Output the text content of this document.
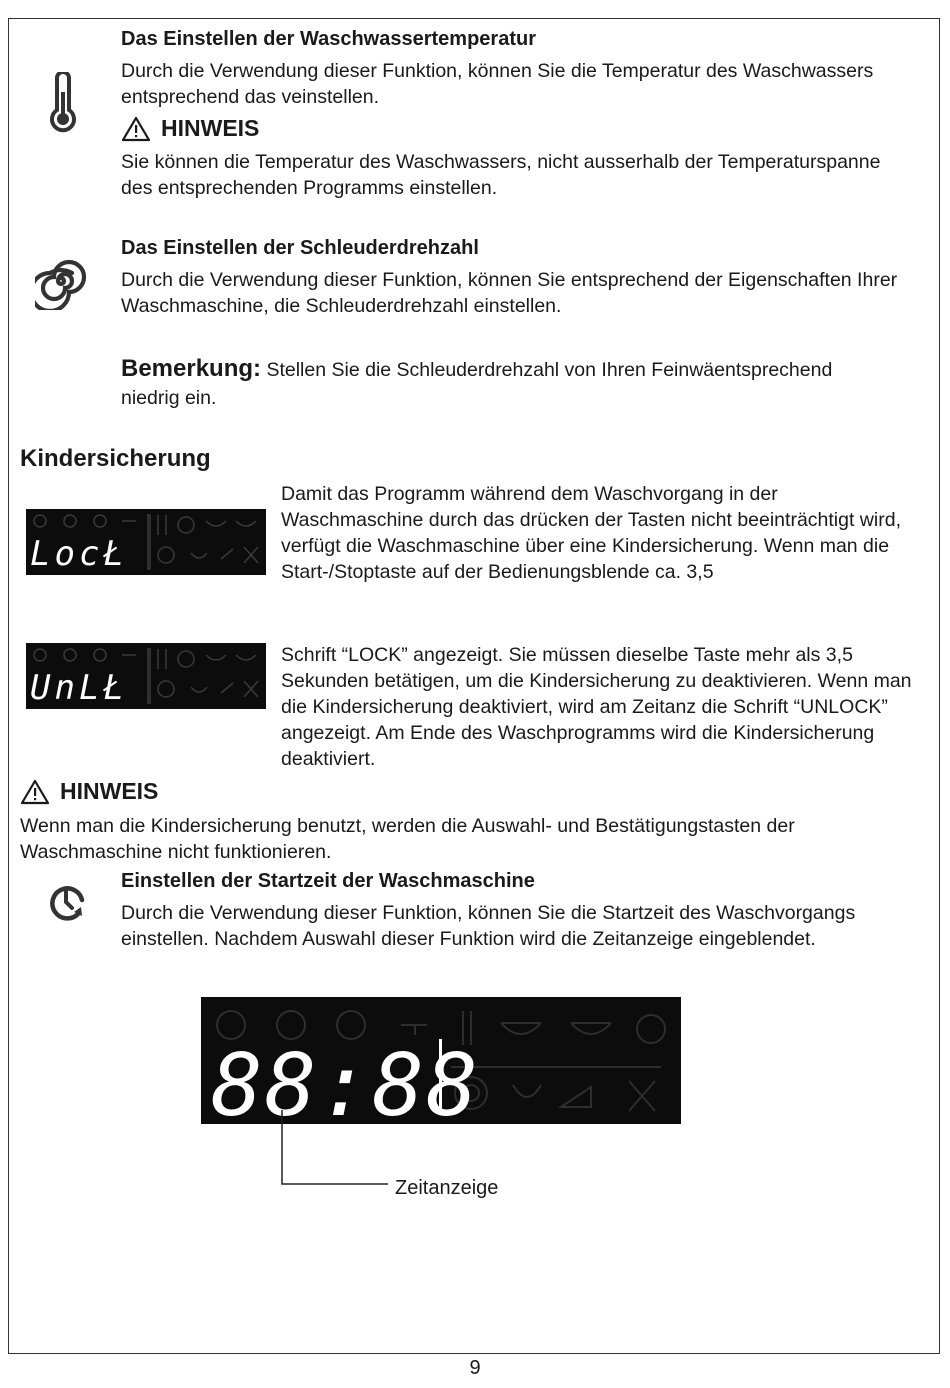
Das Einstellen der Waschwassertemperatur

Durch die Verwendung dieser Funktion, können Sie die Temperatur des Waschwassers entsprechend das veinstellen.

HINWEIS

Sie können die Temperatur des Waschwassers, nicht ausserhalb der Temperaturspanne des entsprechenden Programms einstellen.

Das Einstellen der Schleuderdrehzahl

Durch die Verwendung dieser Funktion, können Sie entsprechend der Eigenschaften Ihrer Waschmaschine, die Schleuderdrehzahl einstellen.

Bemerkung: Stellen Sie die Schleuderdrehzahl von Ihren Feinwäentsprechend niedrig ein.

Kindersicherung
LocŁ

Damit das Programm während dem Waschvorgang in der Waschmaschine durch das drücken der Tasten nicht beeinträchtigt wird, verfügt die Waschmaschine über eine Kindersicherung. Wenn man die Start-/Stoptaste auf der Bedienungsblende ca. 3,5

UnLŁ

Schrift “LOCK” angezeigt. Sie müssen dieselbe Taste mehr als 3,5 Sekunden betätigen, um die Kindersicherung zu deaktivieren. Wenn man die Kindersicherung deaktiviert, wird am Zeitanz die Schrift “UNLOCK” angezeigt. Am Ende des Waschprogramms wird die Kindersicherung deaktiviert.

HINWEIS

Wenn man die Kindersicherung benutzt, werden die Auswahl- und Bestätigungstasten der Waschmaschine nicht funktionieren.

Einstellen der Startzeit der Waschmaschine

Durch die Verwendung dieser Funktion, können Sie die Startzeit des Waschvorgangs einstellen. Nachdem Auswahl dieser Funktion wird die Zeitanzeige eingeblendet.

88:88
Zeitanzeige
9
